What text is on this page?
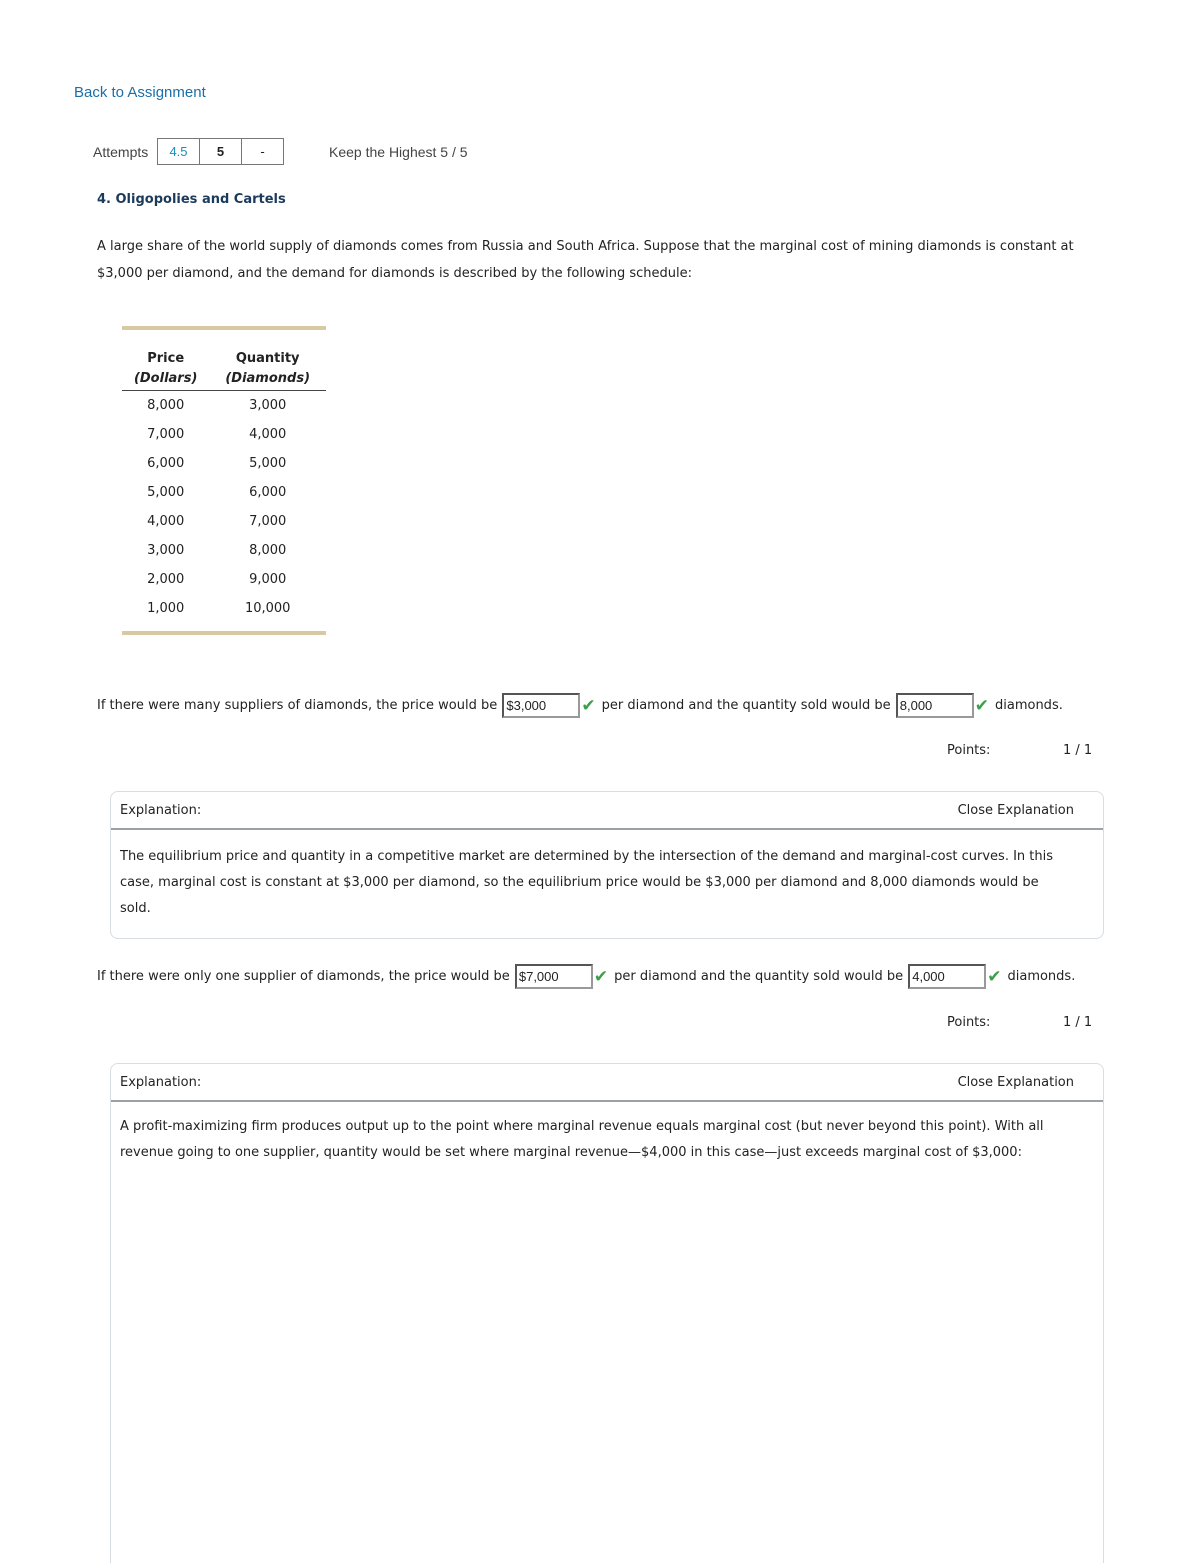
Back to Assignment
Attempts	4.5	5	-	Keep the Highest 5 / 5
4. Oligopolies and Cartels
A large share of the world supply of diamonds comes from Russia and South Africa. Suppose that the marginal cost of mining diamonds is constant at
$3,000 per diamond, and the demand for diamonds is described by the following schedule:
Price	Quantity
(Dollars)	(Diamonds)
8,000	3,000
7,000	4,000
6,000	5,000
5,000	6,000
4,000	7,000
3,000	8,000
2,000	9,000
1,000	10,000
If there were many suppliers of diamonds, the price would be
$3,000	✔ per diamond and the quantity sold would be
8,000	✔ diamonds.
Points:	1 / 1
Explanation:	Close Explanation
The equilibrium price and quantity in a competitive market are determined by the intersection of the demand and marginal-cost curves. In this
case, marginal cost is constant at $3,000 per diamond, so the equilibrium price would be $3,000 per diamond and 8,000 diamonds would be
sold.
If there were only one supplier of diamonds, the price would be
$7,000	✔ per diamond and the quantity sold would be
4,000	✔ diamonds.
Points:	1 / 1
Explanation:	Close Explanation
A profit-maximizing firm produces output up to the point where marginal revenue equals marginal cost (but never beyond this point). With all
revenue going to one supplier, quantity would be set where marginal revenue—$4,000 in this case—just exceeds marginal cost of $3,000:
